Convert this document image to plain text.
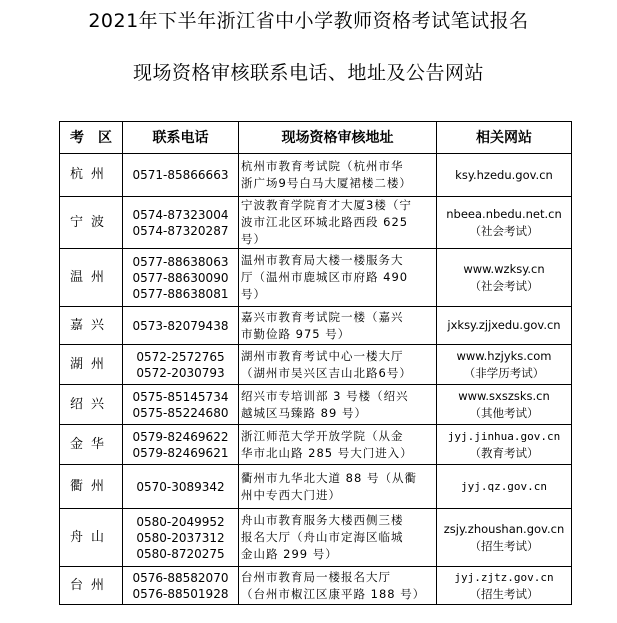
2021年下半年浙江省中小学教师资格考试笔试报名
现场资格审核联系电话、地址及公告网站
考　区	联系电话	现场资格审核地址	相关网站
杭州	0571-85866663	杭州市教育考试院（杭州市华
浙广场9号白马大厦裙楼二楼）	ksy.hzedu.gov.cn

宁波	0574-87323004
0574-87320287	宁波教育学院育才大厦3楼（宁
波市江北区环城北路西段 625
号）	nbeea.nbedu.net.cn
（社会考试）

温州	0577-88638063
0577-88630090
0577-88638081	温州市教育局大楼一楼服务大
厅（温州市鹿城区市府路 490
号）	www.wzksy.cn
（社会考试）

嘉兴	0573-82079438	嘉兴市教育考试院一楼（嘉兴
市勤俭路 975 号）	jxksy.zjjxedu.gov.cn

湖州	0572-2572765
0572-2030793	湖州市教育考试中心一楼大厅
（湖州市吴兴区吉山北路6号）	www.hzjyks.com
（非学历考试）

绍兴	0575-85145734
0575-85224680	绍兴市专培训部 3 号楼（绍兴
越城区马臻路 89 号）	www.sxszsks.cn
（其他考试）

金华	0579-82469622
0579-82469621	浙江师范大学开放学院（从金
华市北山路 285 号大门进入）	jyj.jinhua.gov.cn
（教育考试）

衢州	0570-3089342	衢州市九华北大道 88 号（从衢
州中专西大门进）	jyj.qz.gov.cn

舟山	0580-2049952
0580-2037312
0580-8720275	舟山市教育服务大楼西侧三楼
报名大厅（舟山市定海区临城
金山路 299 号）	zsjy.zhoushan.gov.cn
（招生考试）

台州	0576-88582070
0576-88501928	台州市教育局一楼报名大厅
（台州市椒江区康平路 188 号）	jyj.zjtz.gov.cn
（招生考试）
